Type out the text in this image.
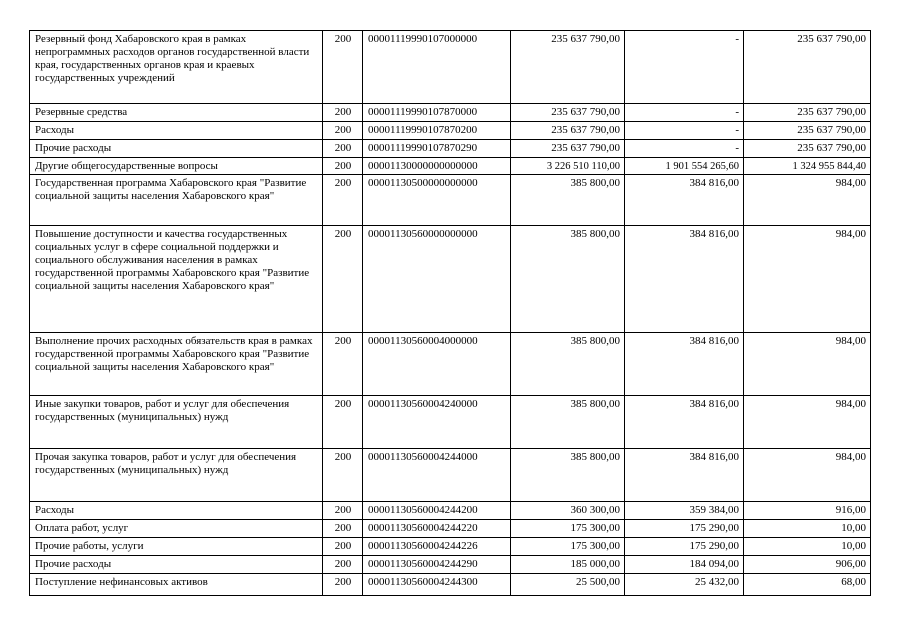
Резервный фонд Хабаровского края в рамках непрограммных расходов органов государственной власти края, государственных органов края и краевых государственных учреждений	200	00001119990107000000	235 637 790,00	-	235 637 790,00
Резервные средства	200	00001119990107870000	235 637 790,00	-	235 637 790,00
Расходы	200	00001119990107870200	235 637 790,00	-	235 637 790,00
Прочие расходы	200	00001119990107870290	235 637 790,00	-	235 637 790,00
Другие общегосударственные вопросы	200	00001130000000000000	3 226 510 110,00	1 901 554 265,60	1 324 955 844,40
Государственная программа Хабаровского края "Развитие социальной защиты населения Хабаровского края"	200	00001130500000000000	385 800,00	384 816,00	984,00
Повышение доступности и качества государственных социальных услуг в сфере социальной поддержки и социального обслуживания населения в рамках государственной программы Хабаровского края "Развитие социальной защиты населения Хабаровского края"	200	00001130560000000000	385 800,00	384 816,00	984,00
Выполнение прочих расходных обязательств края в рамках государственной программы Хабаровского края "Развитие социальной защиты населения Хабаровского края"	200	00001130560004000000	385 800,00	384 816,00	984,00
Иные закупки товаров, работ и услуг для обеспечения государственных (муниципальных) нужд	200	00001130560004240000	385 800,00	384 816,00	984,00
Прочая закупка товаров, работ и услуг для обеспечения государственных (муниципальных) нужд	200	00001130560004244000	385 800,00	384 816,00	984,00
Расходы	200	00001130560004244200	360 300,00	359 384,00	916,00
Оплата работ, услуг	200	00001130560004244220	175 300,00	175 290,00	10,00
Прочие работы, услуги	200	00001130560004244226	175 300,00	175 290,00	10,00
Прочие расходы	200	00001130560004244290	185 000,00	184 094,00	906,00
Поступление нефинансовых активов	200	00001130560004244300	25 500,00	25 432,00	68,00
